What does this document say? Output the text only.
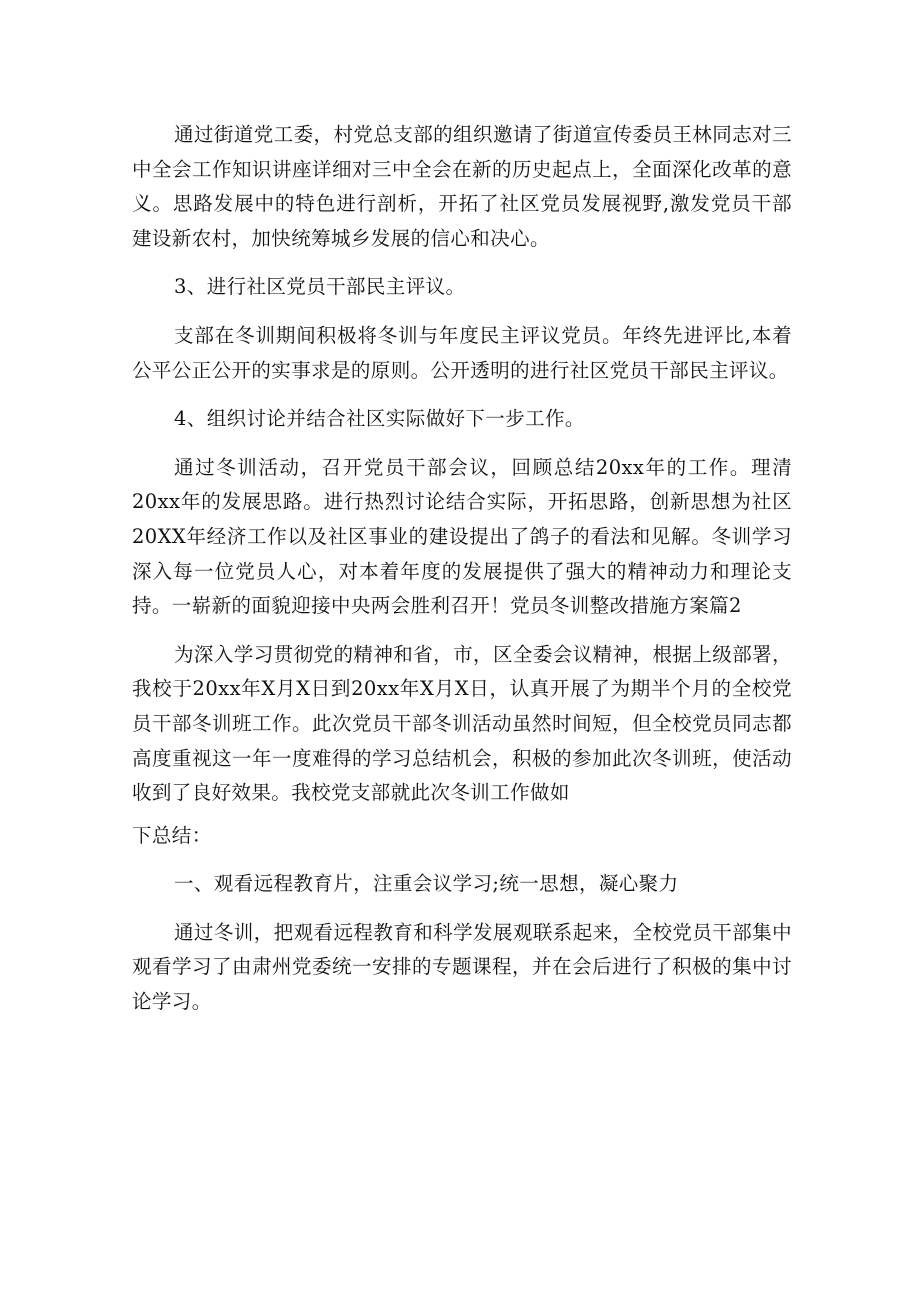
通过街道党工委，村党总支部的组织邀请了街道宣传委员王林同志对三中全会工作知识讲座详细对三中全会在新的历史起点上，全面深化改革的意义。思路发展中的特色进行剖析，开拓了社区党员发展视野,激发党员干部建设新农村，加快统筹城乡发展的信心和决心。

3、进行社区党员干部民主评议。

支部在冬训期间积极将冬训与年度民主评议党员。年终先进评比,本着公平公正公开的实事求是的原则。公开透明的进行社区党员干部民主评议。

4、组织讨论并结合社区实际做好下一步工作。

通过冬训活动，召开党员干部会议，回顾总结20xx年的工作。理清20xx年的发展思路。进行热烈讨论结合实际，开拓思路，创新思想为社区20XX年经济工作以及社区事业的建设提出了鸽子的看法和见解。冬训学习深入每一位党员人心，对本着年度的发展提供了强大的精神动力和理论支持。一崭新的面貌迎接中央两会胜利召开！党员冬训整改措施方案篇2

为深入学习贯彻党的精神和省，市，区全委会议精神，根据上级部署，我校于20xx年X月X日到20xx年X月X日，认真开展了为期半个月的全校党员干部冬训班工作。此次党员干部冬训活动虽然时间短，但全校党员同志都高度重视这一年一度难得的学习总结机会，积极的参加此次冬训班，使活动收到了良好效果。我校党支部就此次冬训工作做如

下总结：

一、观看远程教育片，注重会议学习;统一思想，凝心聚力

通过冬训，把观看远程教育和科学发展观联系起来，全校党员干部集中观看学习了由肃州党委统一安排的专题课程，并在会后进行了积极的集中讨论学习。
